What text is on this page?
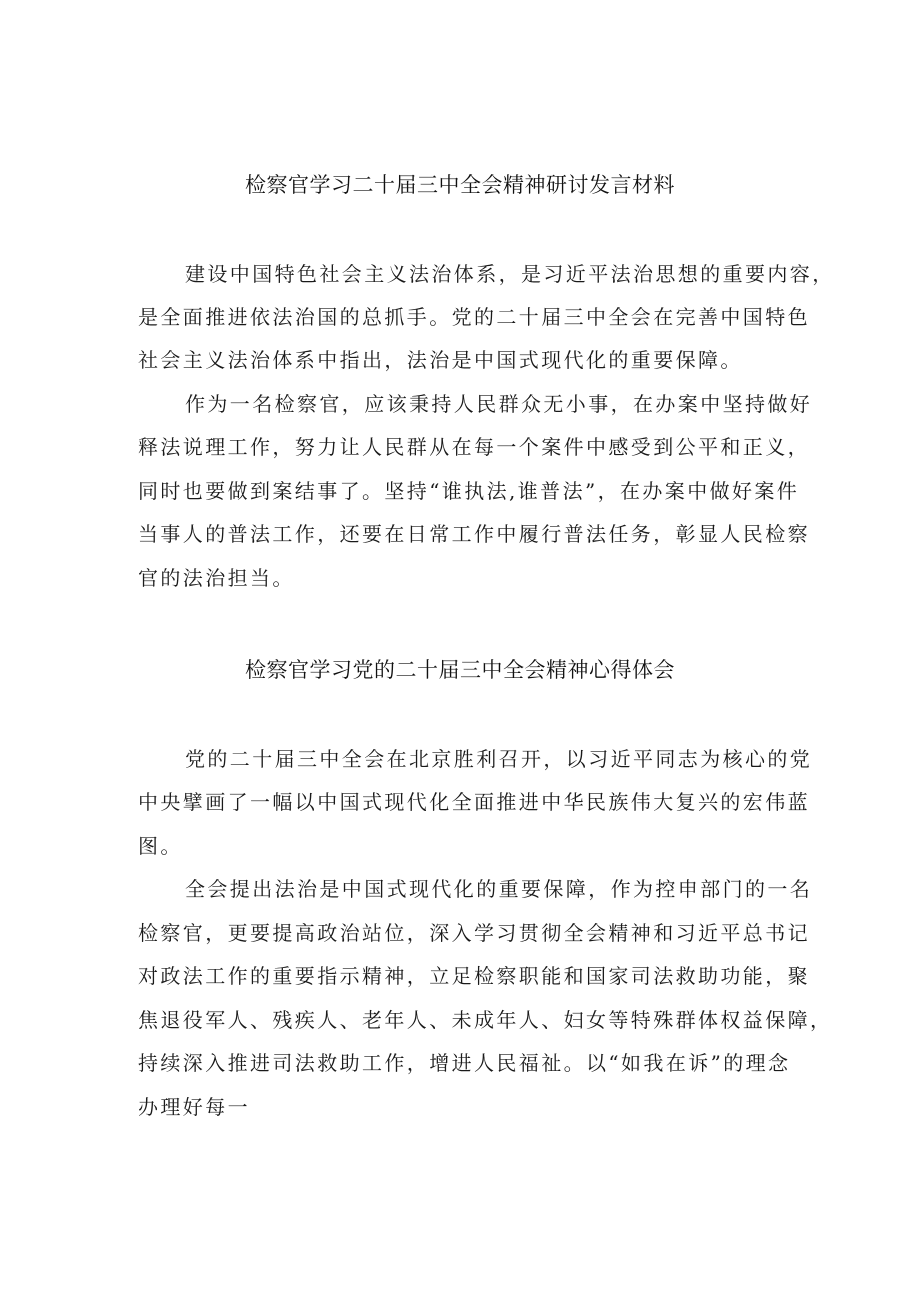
检察官学习二十届三中全会精神研讨发言材料

建设中国特色社会主义法治体系，是习近平法治思想的重要内容，

是全面推进依法治国的总抓手。党的二十届三中全会在完善中国特色

社会主义法治体系中指出，法治是中国式现代化的重要保障。

作为一名检察官，应该秉持人民群众无小事，在办案中坚持做好

释法说理工作，努力让人民群从在每一个案件中感受到公平和正义，

同时也要做到案结事了。坚持“谁执法,谁普法”，在办案中做好案件

当事人的普法工作，还要在日常工作中履行普法任务，彰显人民检察

官的法治担当。

检察官学习党的二十届三中全会精神心得体会

党的二十届三中全会在北京胜利召开，以习近平同志为核心的党

中央擘画了一幅以中国式现代化全面推进中华民族伟大复兴的宏伟蓝

图。

全会提出法治是中国式现代化的重要保障，作为控申部门的一名

检察官，更要提高政治站位，深入学习贯彻全会精神和习近平总书记

对政法工作的重要指示精神，立足检察职能和国家司法救助功能，聚

焦退役军人、残疾人、老年人、未成年人、妇女等特殊群体权益保障，

持续深入推进司法救助工作，增进人民福祉。以“如我在诉”的理念

办理好每一
